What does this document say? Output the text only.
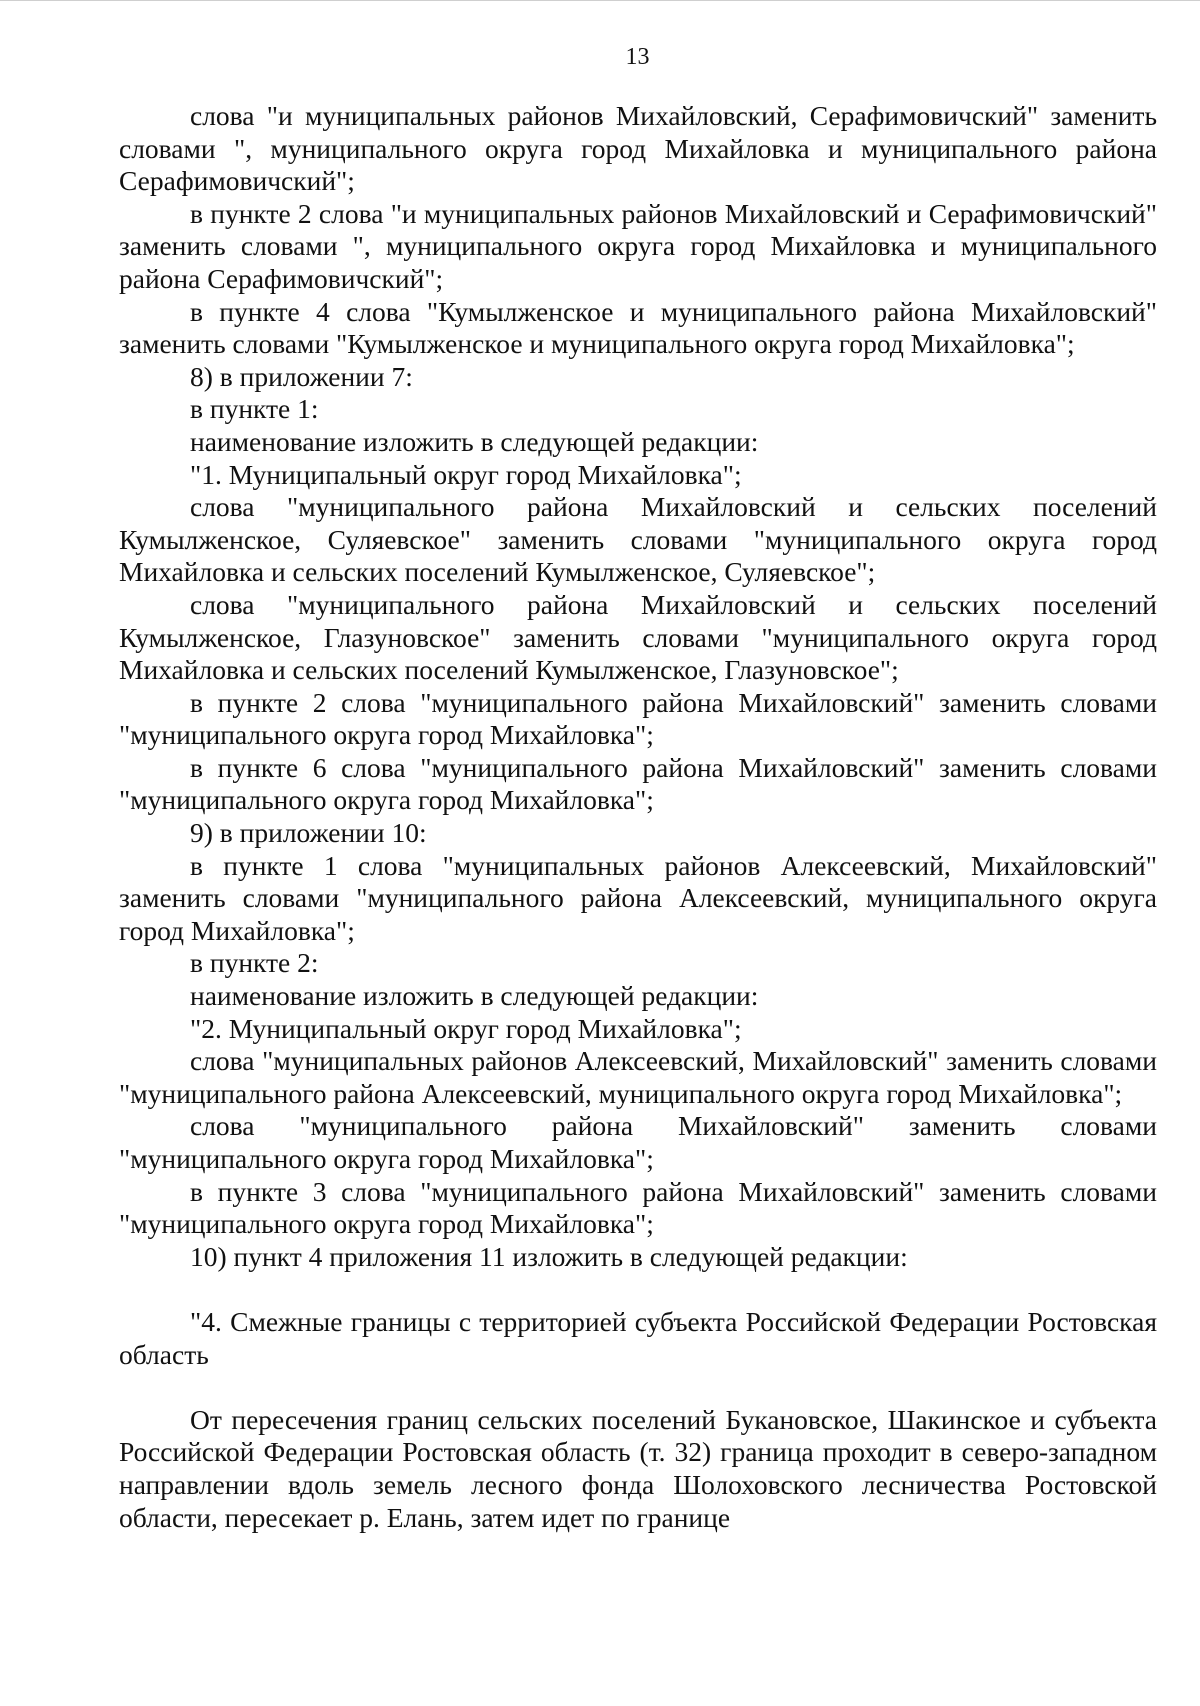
13

слова "и муниципальных районов Михайловский, Серафимовичский" заменить словами ", муниципального округа город Михайловка и муниципального района Серафимовичский";

в пункте 2 слова "и муниципальных районов Михайловский и Серафимовичский" заменить словами ", муниципального округа город Михайловка и муниципального района Серафимовичский";

в пункте 4 слова "Кумылженское и муниципального района Михайловский" заменить словами "Кумылженское и муниципального округа город Михайловка";

8) в приложении 7:

в пункте 1:

наименование изложить в следующей редакции:

"1. Муниципальный округ город Михайловка";

слова "муниципального района Михайловский и сельских поселений Кумылженское, Суляевское" заменить словами "муниципального округа город Михайловка и сельских поселений Кумылженское, Суляевское";

слова "муниципального района Михайловский и сельских поселений Кумылженское, Глазуновское" заменить словами "муниципального округа город Михайловка и сельских поселений Кумылженское, Глазуновское";

в пункте 2 слова "муниципального района Михайловский" заменить словами "муниципального округа город Михайловка";

в пункте 6 слова "муниципального района Михайловский" заменить словами "муниципального округа город Михайловка";

9) в приложении 10:

в пункте 1 слова "муниципальных районов Алексеевский, Михайловский" заменить словами "муниципального района Алексеевский, муниципального округа город Михайловка";

в пункте 2:

наименование изложить в следующей редакции:

"2. Муниципальный округ город Михайловка";

слова "муниципальных районов Алексеевский, Михайловский" заменить словами "муниципального района Алексеевский, муниципального округа город Михайловка";

слова "муниципального района Михайловский" заменить словами "муниципального округа город Михайловка";

в пункте 3 слова "муниципального района Михайловский" заменить словами "муниципального округа город Михайловка";

10) пункт 4 приложения 11 изложить в следующей редакции:

"4. Смежные границы с территорией субъекта Российской Федерации Ростовская область

От пересечения границ сельских поселений Букановское, Шакинское и субъекта Российской Федерации Ростовская область (т. 32) граница проходит в северо-западном направлении вдоль земель лесного фонда Шолоховского лесничества Ростовской области, пересекает р. Елань, затем идет по границе
